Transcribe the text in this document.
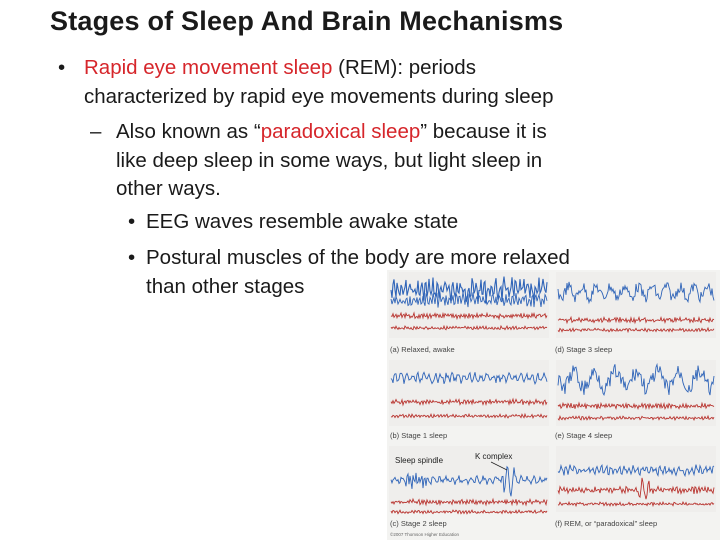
Stages of Sleep And Brain Mechanisms
• Rapid eye movement sleep (REM): periods
characterized by rapid eye movements during sleep
– Also known as “paradoxical sleep” because it is
like deep sleep in some ways, but light sleep in
other ways.
• EEG waves resemble awake state
• Postural muscles of the body are more relaxed
than other stages
(a) Relaxed, awake	(d) Stage 3 sleep
(b) Stage 1 sleep	(e) Stage 4 sleep
(c) Stage 2 sleep	(f) REM, or “paradoxical” sleep
Sleep spindle	K complex
©2007 Thomson Higher Education
